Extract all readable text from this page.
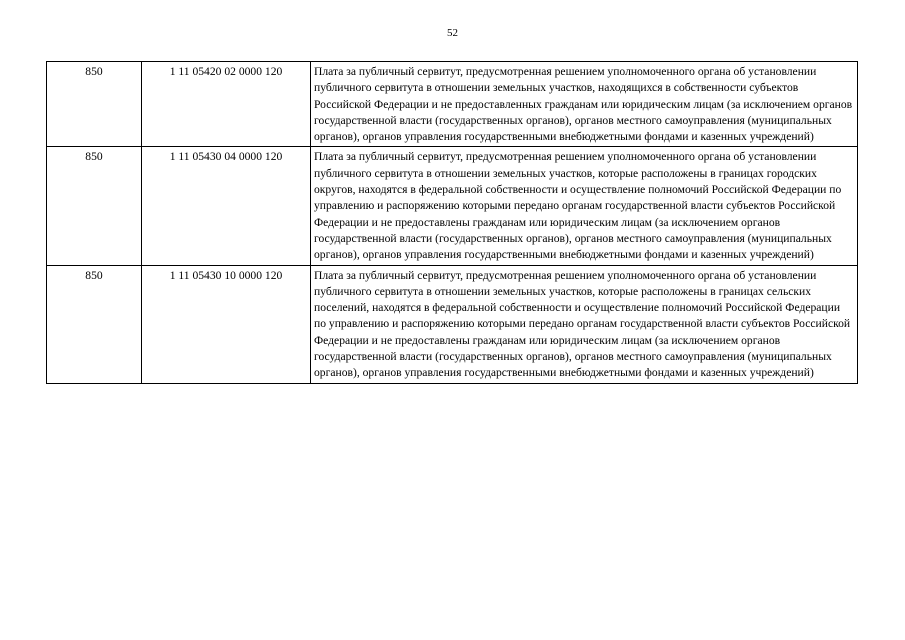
52
850	1 11 05420 02 0000 120	Плата за публичный сервитут, предусмотренная решением уполномоченного органа об установлении публичного сервитута в отношении земельных участков, находящихся в собственности субъектов Российской Федерации и не предоставленных гражданам или юридическим лицам (за исключением органов государственной власти (государственных органов), органов местного самоуправления (муниципальных органов), органов управления государственными внебюджетными фондами и казенных учреждений)
850	1 11 05430 04 0000 120	Плата за публичный сервитут, предусмотренная решением уполномоченного органа об установлении публичного сервитута в отношении земельных участков, которые расположены в границах городских округов, находятся в федеральной собственности и осуществление полномочий Российской Федерации по управлению и распоряжению которыми передано органам государственной власти субъектов Российской Федерации и не предоставлены гражданам или юридическим лицам (за исключением органов государственной власти (государственных органов), органов местного самоуправления (муниципальных органов), органов управления государственными внебюджетными фондами и казенных учреждений)
850	1 11 05430 10 0000 120	Плата за публичный сервитут, предусмотренная решением уполномоченного органа об установлении публичного сервитута в отношении земельных участков, которые расположены в границах сельских поселений, находятся в федеральной собственности и осуществление полномочий Российской Федерации по управлению и распоряжению которыми передано органам государственной власти субъектов Российской Федерации и не предоставлены гражданам или юридическим лицам (за исключением органов государственной власти (государственных органов), органов местного самоуправления (муниципальных органов), органов управления государственными внебюджетными фондами и казенных учреждений)
